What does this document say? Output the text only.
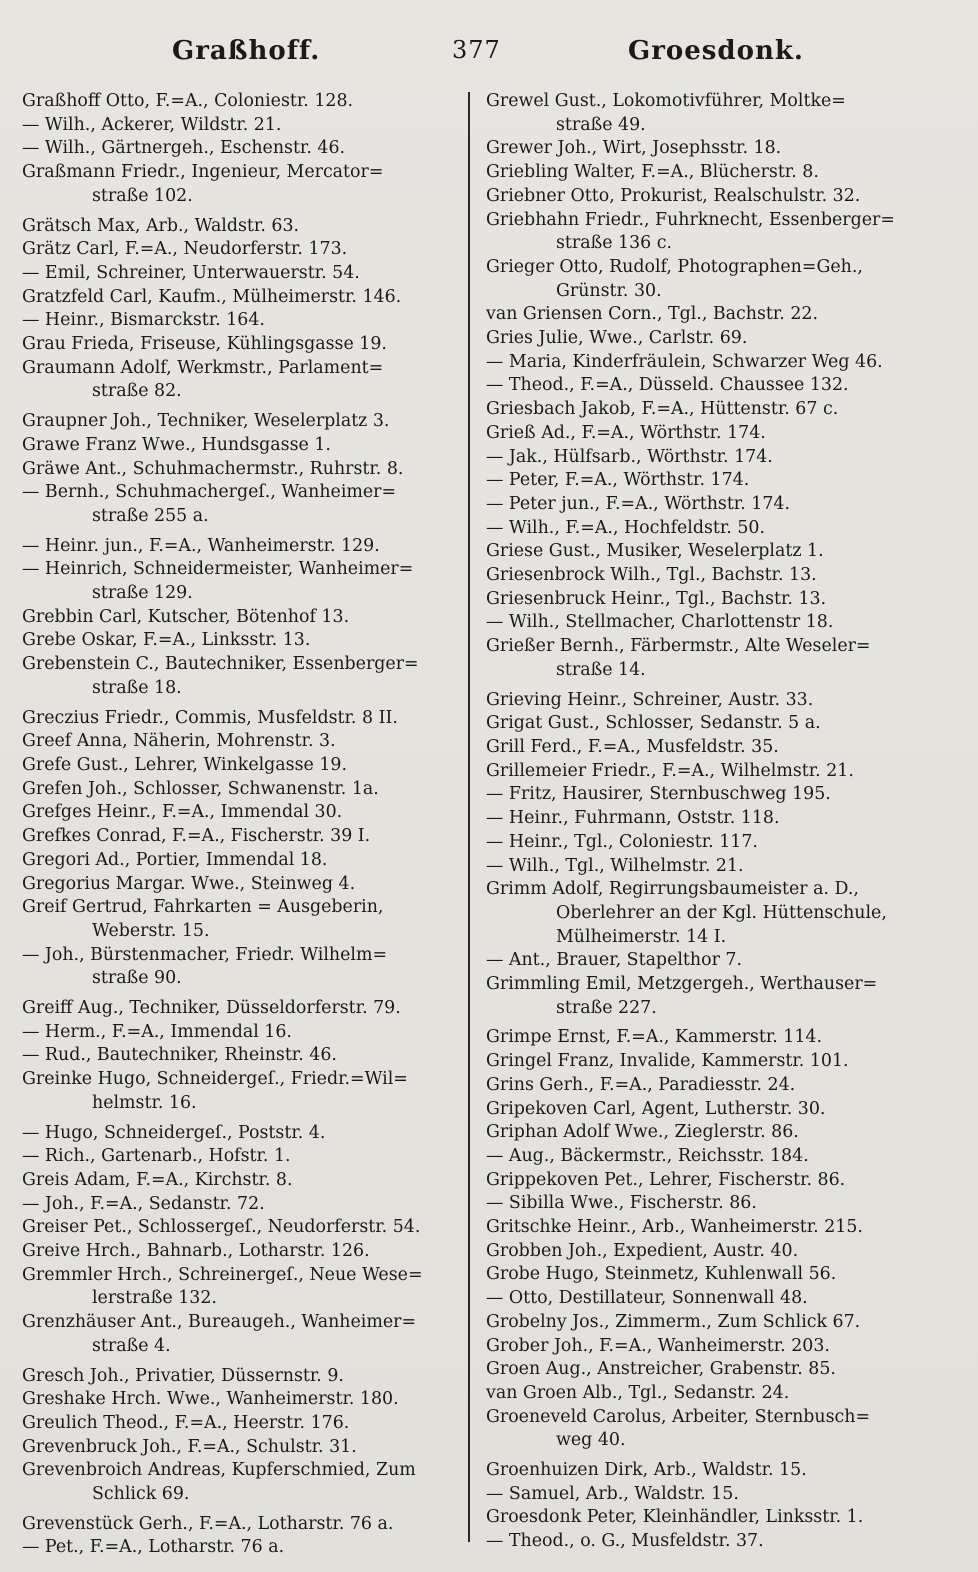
Graßhoff.	377	Groesdonk.
Graßhoff Otto, F.=A., Coloniestr. 128.
— Wilh., Ackerer, Wildstr. 21.
— Wilh., Gärtnergeh., Eschenstr. 46.
Graßmann Friedr., Ingenieur, Mercator=
straße 102.
Grätsch Max, Arb., Waldstr. 63.
Grätz Carl, F.=A., Neudorferstr. 173.
— Emil, Schreiner, Unterwauerstr. 54.
Gratzfeld Carl, Kaufm., Mülheimerstr. 146.
— Heinr., Bismarckstr. 164.
Grau Frieda, Friseuse, Kühlingsgasse 19.
Graumann Adolf, Werkmstr., Parlament=
straße 82.
Graupner Joh., Techniker, Weselerplatz 3.
Grawe Franz Wwe., Hundsgasse 1.
Gräwe Ant., Schuhmachermstr., Ruhrstr. 8.
— Bernh., Schuhmachergeſ., Wanheimer=
straße 255 a.
— Heinr. jun., F.=A., Wanheimerstr. 129.
— Heinrich, Schneidermeister, Wanheimer=
straße 129.
Grebbin Carl, Kutscher, Bötenhof 13.
Grebe Oskar, F.=A., Linksstr. 13.
Grebenstein C., Bautechniker, Essenberger=
straße 18.
Greczius Friedr., Commis, Musfeldstr. 8 II.
Greef Anna, Näherin, Mohrenstr. 3.
Grefe Gust., Lehrer, Winkelgasse 19.
Grefen Joh., Schlosser, Schwanenstr. 1a.
Grefges Heinr., F.=A., Immendal 30.
Grefkes Conrad, F.=A., Fischerstr. 39 I.
Gregori Ad., Portier, Immendal 18.
Gregorius Margar. Wwe., Steinweg 4.
Greif Gertrud, Fahrkarten = Ausgeberin,
Weberstr. 15.
— Joh., Bürstenmacher, Friedr. Wilhelm=
straße 90.
Greiff Aug., Techniker, Düsseldorferstr. 79.
— Herm., F.=A., Immendal 16.
— Rud., Bautechniker, Rheinstr. 46.
Greinke Hugo, Schneidergeſ., Friedr.=Wil=
helmstr. 16.
— Hugo, Schneidergeſ., Poststr. 4.
— Rich., Gartenarb., Hofstr. 1.
Greis Adam, F.=A., Kirchstr. 8.
— Joh., F.=A., Sedanstr. 72.
Greiser Pet., Schlossergeſ., Neudorferstr. 54.
Greive Hrch., Bahnarb., Lotharstr. 126.
Gremmler Hrch., Schreinergeſ., Neue Wese=
lerstraße 132.
Grenzhäuser Ant., Bureaugeh., Wanheimer=
straße 4.
Gresch Joh., Privatier, Düssernstr. 9.
Greshake Hrch. Wwe., Wanheimerstr. 180.
Greulich Theod., F.=A., Heerstr. 176.
Grevenbruck Joh., F.=A., Schulstr. 31.
Grevenbroich Andreas, Kupferschmied, Zum
Schlick 69.
Grevenstück Gerh., F.=A., Lotharstr. 76 a.
— Pet., F.=A., Lotharstr. 76 a.
Grewel Gust., Lokomotivführer, Moltke=
straße 49.
Grewer Joh., Wirt, Josephsstr. 18.
Griebling Walter, F.=A., Blücherstr. 8.
Griebner Otto, Prokurist, Realschulstr. 32.
Griebhahn Friedr., Fuhrknecht, Essenberger=
straße 136 c.
Grieger Otto, Rudolf, Photographen=Geh.,
Grünstr. 30.
van Griensen Corn., Tgl., Bachstr. 22.
Gries Julie, Wwe., Carlstr. 69.
— Maria, Kinderfräulein, Schwarzer Weg 46.
— Theod., F.=A., Düsseld. Chaussee 132.
Griesbach Jakob, F.=A., Hüttenstr. 67 c.
Grieß Ad., F.=A., Wörthstr. 174.
— Jak., Hülfsarb., Wörthstr. 174.
— Peter, F.=A., Wörthstr. 174.
— Peter jun., F.=A., Wörthstr. 174.
— Wilh., F.=A., Hochfeldstr. 50.
Griese Gust., Musiker, Weselerplatz 1.
Griesenbrock Wilh., Tgl., Bachstr. 13.
Griesenbruck Heinr., Tgl., Bachstr. 13.
— Wilh., Stellmacher, Charlottenstr 18.
Grießer Bernh., Färbermstr., Alte Weseler=
straße 14.
Grieving Heinr., Schreiner, Austr. 33.
Grigat Gust., Schlosser, Sedanstr. 5 a.
Grill Ferd., F.=A., Musfeldstr. 35.
Grillemeier Friedr., F.=A., Wilhelmstr. 21.
— Fritz, Hausirer, Sternbuschweg 195.
— Heinr., Fuhrmann, Oststr. 118.
— Heinr., Tgl., Coloniestr. 117.
— Wilh., Tgl., Wilhelmstr. 21.
Grimm Adolf, Regirrungsbaumeister a. D.,
Oberlehrer an der Kgl. Hüttenschule,
Mülheimerstr. 14 I.
— Ant., Brauer, Stapelthor 7.
Grimmling Emil, Metzgergeh., Werthauser=
straße 227.
Grimpe Ernst, F.=A., Kammerstr. 114.
Gringel Franz, Invalide, Kammerstr. 101.
Grins Gerh., F.=A., Paradiesstr. 24.
Gripekoven Carl, Agent, Lutherstr. 30.
Griphan Adolf Wwe., Zieglerstr. 86.
— Aug., Bäckermstr., Reichsstr. 184.
Grippekoven Pet., Lehrer, Fischerstr. 86.
— Sibilla Wwe., Fischerstr. 86.
Gritschke Heinr., Arb., Wanheimerstr. 215.
Grobben Joh., Expedient, Austr. 40.
Grobe Hugo, Steinmetz, Kuhlenwall 56.
— Otto, Destillateur, Sonnenwall 48.
Grobelny Jos., Zimmerm., Zum Schlick 67.
Grober Joh., F.=A., Wanheimerstr. 203.
Groen Aug., Anstreicher, Grabenstr. 85.
van Groen Alb., Tgl., Sedanstr. 24.
Groeneveld Carolus, Arbeiter, Sternbusch=
weg 40.
Groenhuizen Dirk, Arb., Waldstr. 15.
— Samuel, Arb., Waldstr. 15.
Groesdonk Peter, Kleinhändler, Linksstr. 1.
— Theod., o. G., Musfeldstr. 37.
